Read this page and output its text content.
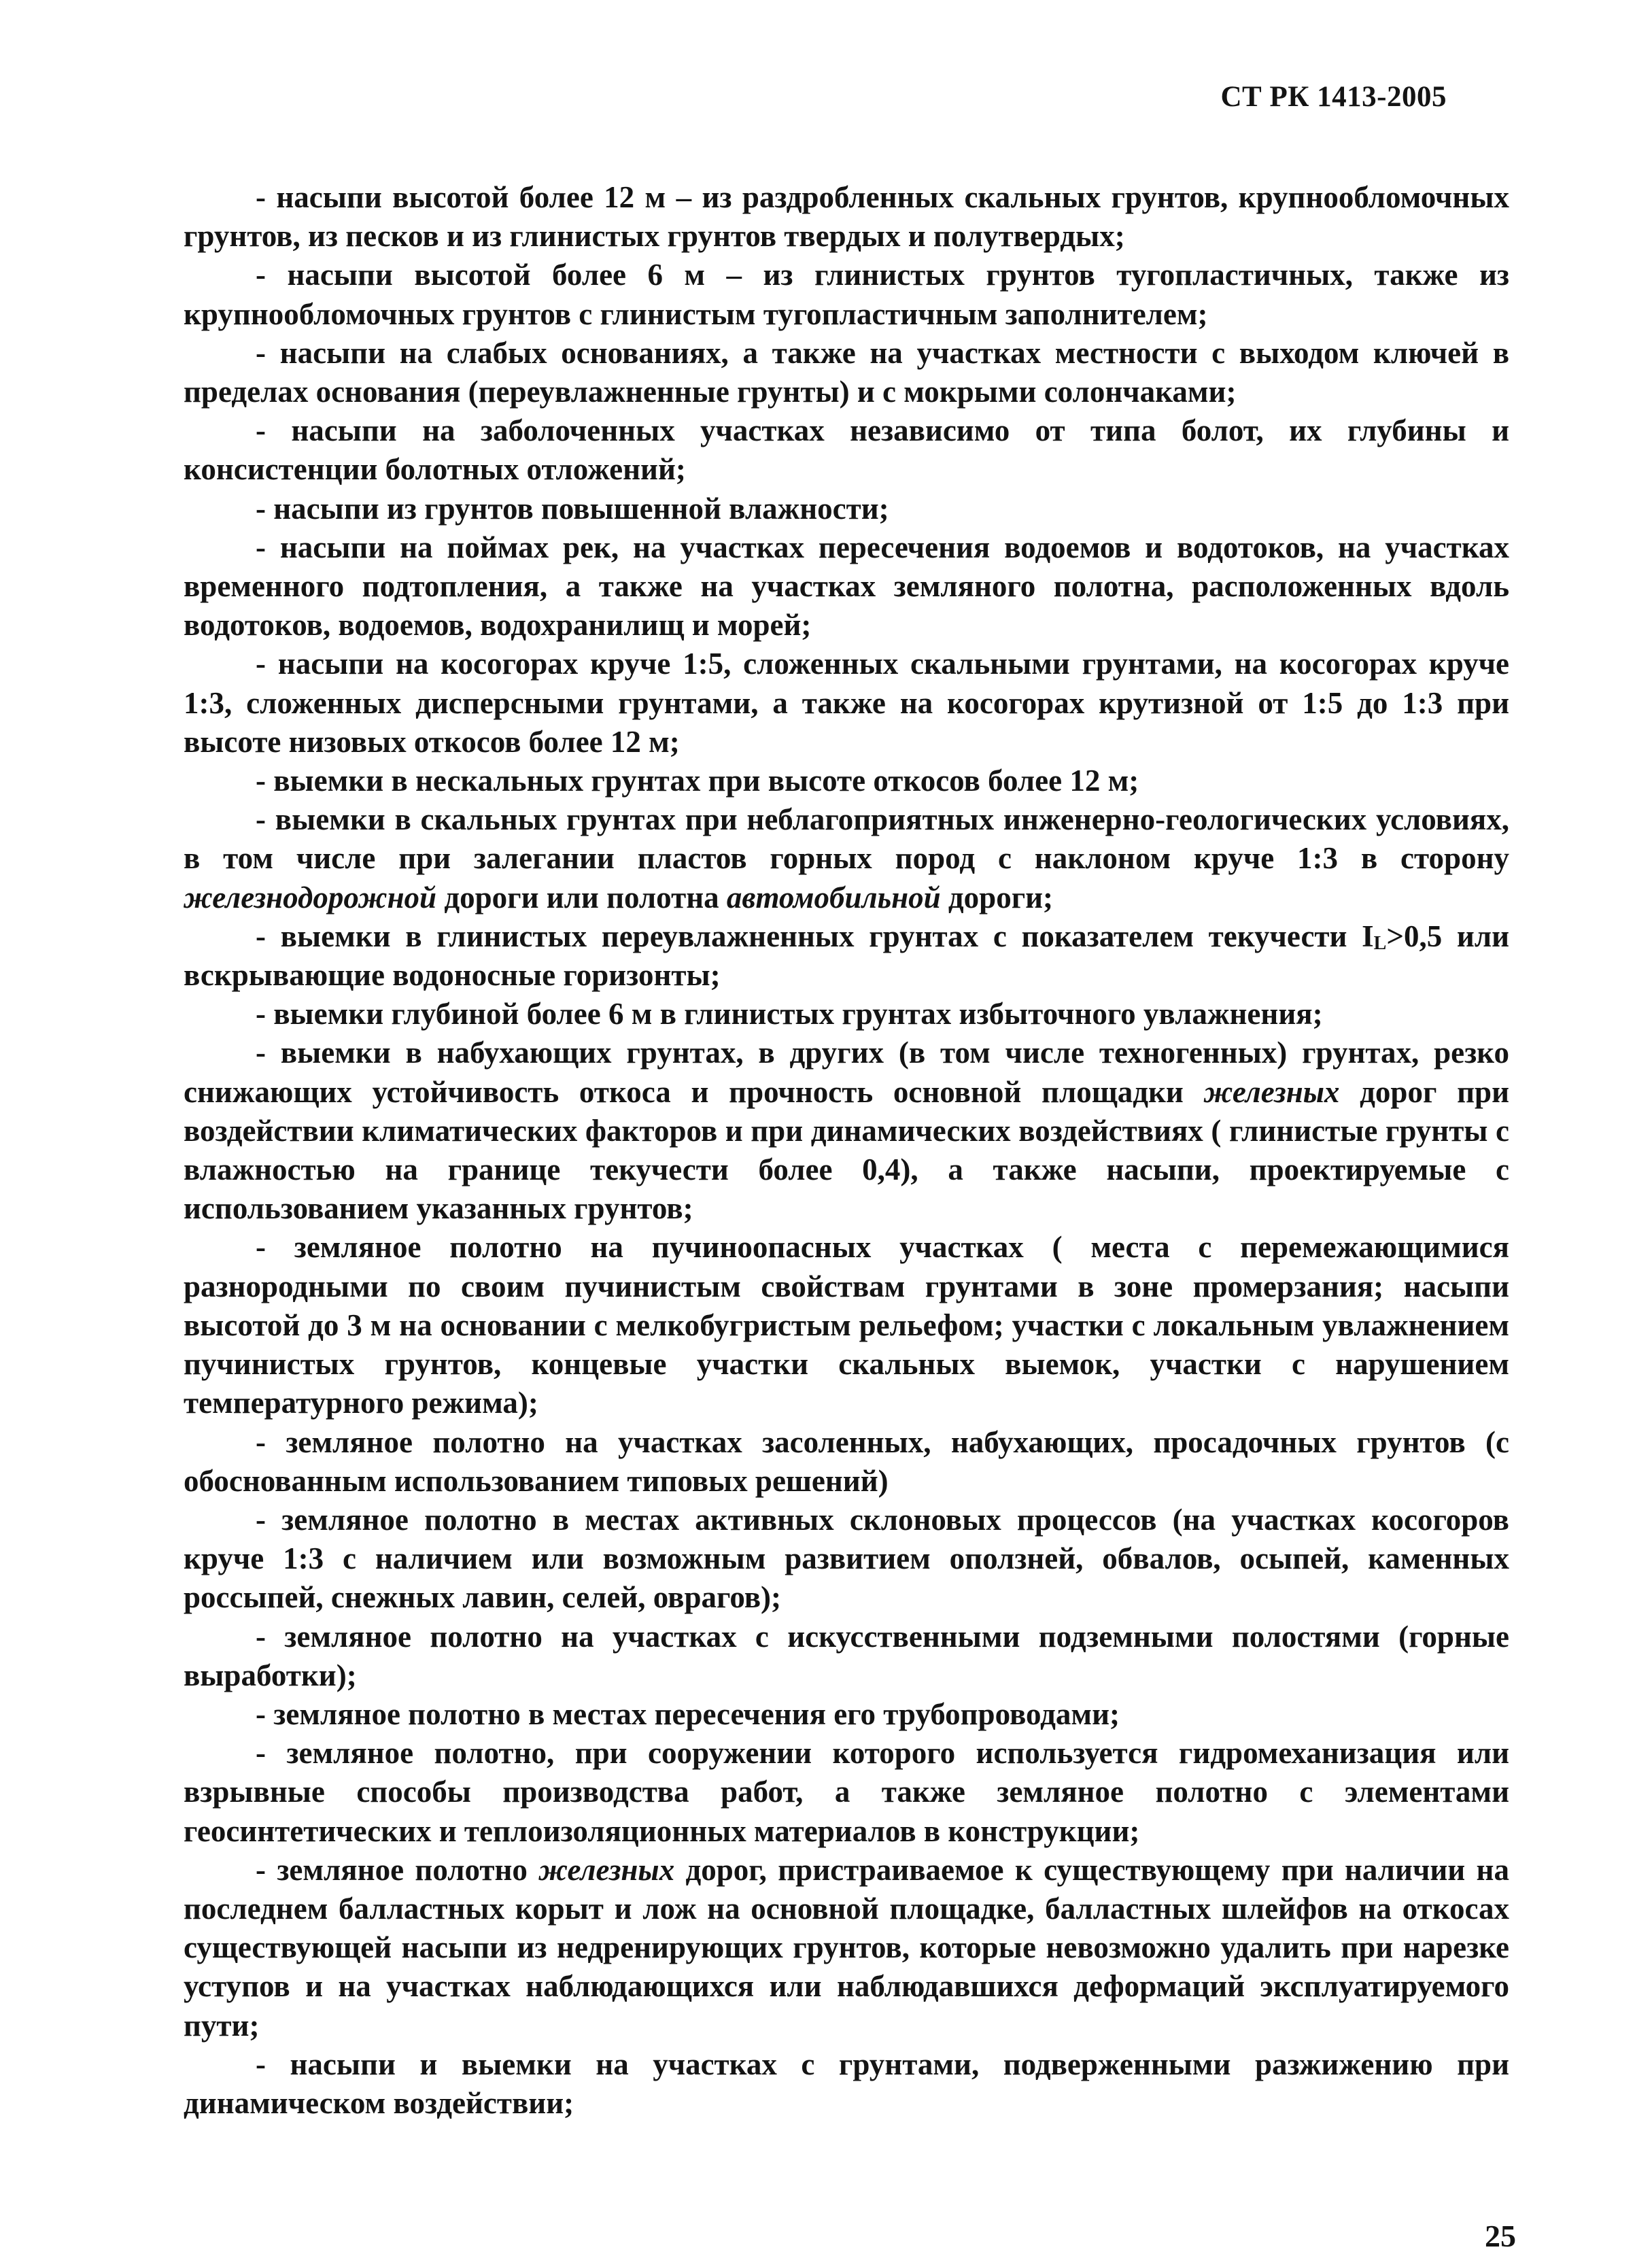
СТ РК 1413-2005

- насыпи высотой более 12 м – из раздробленных скальных грунтов, крупнообломочных грунтов, из песков и из глинистых грунтов твердых и полутвердых;

- насыпи высотой более 6 м – из глинистых грунтов тугопластичных, также из крупнообломочных грунтов с глинистым тугопластичным заполнителем;

- насыпи на слабых основаниях, а также на участках местности с выходом ключей в пределах основания (переувлажненные грунты) и с мокрыми солончаками;

- насыпи на заболоченных участках независимо от типа болот, их глубины и консистенции болотных отложений;

- насыпи из грунтов повышенной влажности;

- насыпи на поймах рек, на участках пересечения водоемов и водотоков, на участках временного подтопления, а также на участках земляного полотна, расположенных вдоль водотоков, водоемов, водохранилищ и морей;

- насыпи на косогорах круче 1:5, сложенных скальными грунтами, на косогорах круче 1:3, сложенных дисперсными грунтами, а также на косогорах крутизной от 1:5 до 1:3 при высоте низовых откосов более 12 м;

- выемки в нескальных грунтах при высоте откосов более 12 м;

- выемки в скальных грунтах при неблагоприятных инженерно-геологических условиях, в том числе при залегании пластов горных пород с наклоном круче 1:3 в сторону железнодорожной дороги или полотна автомобильной дороги;

- выемки в глинистых переувлажненных грунтах с показателем текучести $I_L>0,5$ или вскрывающие водоносные горизонты;

- выемки глубиной более 6 м в глинистых грунтах избыточного увлажнения;

- выемки в набухающих грунтах, в других (в том числе техногенных) грунтах, резко снижающих устойчивость откоса и прочность основной площадки железных дорог при воздействии климатических факторов и при динамических воздействиях ( глинистые грунты с влажностью на границе текучести более 0,4), а также насыпи, проектируемые с использованием указанных грунтов;

- земляное полотно на пучиноопасных участках ( места с перемежающимися разнородными по своим пучинистым свойствам грунтами в зоне промерзания; насыпи высотой до 3 м на основании с мелкобугристым рельефом; участки с локальным увлажнением пучинистых грунтов, концевые участки скальных выемок, участки с нарушением температурного режима);

- земляное полотно на участках засоленных, набухающих, просадочных грунтов (с обоснованным использованием типовых решений)

- земляное полотно в местах активных склоновых процессов (на участках косогоров круче 1:3 с наличием или возможным развитием оползней, обвалов, осыпей, каменных россыпей, снежных лавин, селей, оврагов);

- земляное полотно на участках с искусственными подземными полостями (горные выработки);

- земляное полотно в местах пересечения его трубопроводами;

- земляное полотно, при сооружении которого используется гидромеханизация или взрывные способы производства работ, а также земляное полотно с элементами геосинтетических и теплоизоляционных материалов в конструкции;

- земляное полотно железных дорог, пристраиваемое к существующему при наличии на последнем балластных корыт и лож на основной площадке, балластных шлейфов на откосах существующей насыпи из недренирующих грунтов, которые невозможно удалить при нарезке уступов и на участках наблюдающихся или наблюдавшихся деформаций эксплуатируемого пути;

- насыпи и выемки на участках с грунтами, подверженными разжижению при динамическом воздействии;

25
